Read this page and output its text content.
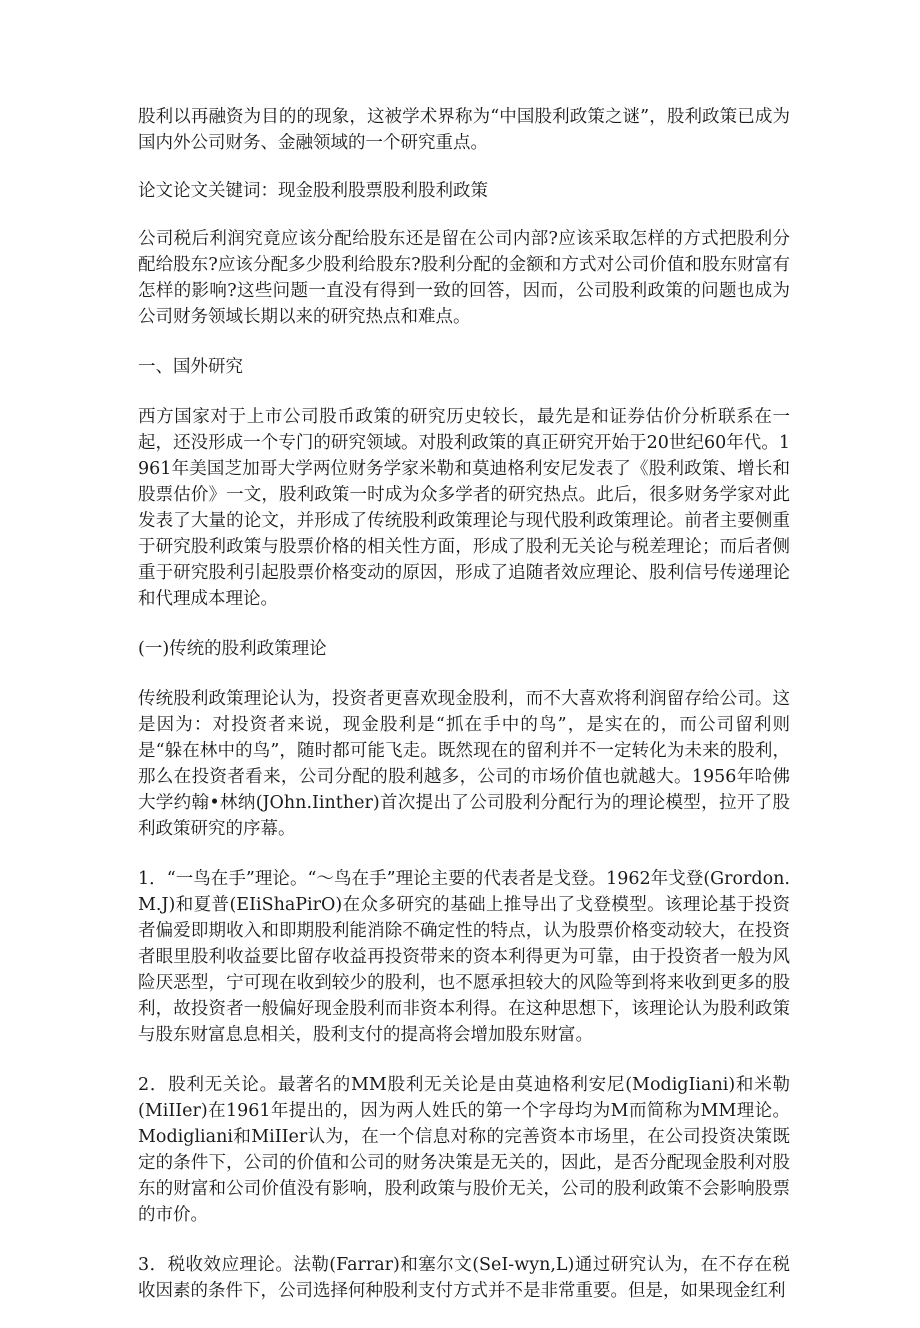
股利以再融资为目的的现象，这被学术界称为“中国股利政策之谜”，股利政策已成为国内外公司财务、金融领域的一个研究重点。

论文论文关键词：现金股利股票股利股利政策

公司税后利润究竟应该分配给股东还是留在公司内部?应该采取怎样的方式把股利分配给股东?应该分配多少股利给股东?股利分配的金额和方式对公司价值和股东财富有怎样的影响?这些问题一直没有得到一致的回答，因而，公司股利政策的问题也成为公司财务领域长期以来的研究热点和难点。

一、国外研究

西方国家对于上市公司股币政策的研究历史较长，最先是和证券估价分析联系在一起，还没形成一个专门的研究领域。对股利政策的真正研究开始于20世纪60年代。1961年美国芝加哥大学两位财务学家米勒和莫迪格利安尼发表了《股利政策、增长和股票估价》一文，股利政策一时成为众多学者的研究热点。此后，很多财务学家对此发表了大量的论文，并形成了传统股利政策理论与现代股利政策理论。前者主要侧重于研究股利政策与股票价格的相关性方面，形成了股利无关论与税差理论；而后者侧重于研究股利引起股票价格变动的原因，形成了追随者效应理论、股利信号传递理论和代理成本理论。

(一)传统的股利政策理论

传统股利政策理论认为，投资者更喜欢现金股利，而不大喜欢将利润留存给公司。这是因为：对投资者来说，现金股利是“抓在手中的鸟”，是实在的，而公司留利则是“躲在林中的鸟”，随时都可能飞走。既然现在的留利并不一定转化为未来的股利，那么在投资者看来，公司分配的股利越多，公司的市场价值也就越大。1956年哈佛大学约翰•林纳(JOhn.Iinther)首次提出了公司股利分配行为的理论模型，拉开了股利政策研究的序幕。

1．“一鸟在手”理论。“～鸟在手”理论主要的代表者是戈登。1962年戈登(Grordon.M.J)和夏普(EIiShaPirO)在众多研究的基础上推导出了戈登模型。该理论基于投资者偏爱即期收入和即期股利能消除不确定性的特点，认为股票价格变动较大，在投资者眼里股利收益要比留存收益再投资带来的资本利得更为可靠，由于投资者一般为风险厌恶型，宁可现在收到较少的股利，也不愿承担较大的风险等到将来收到更多的股利，故投资者一般偏好现金股利而非资本利得。在这种思想下，该理论认为股利政策与股东财富息息相关，股利支付的提高将会增加股东财富。

2．股利无关论。最著名的MM股利无关论是由莫迪格利安尼(ModigIiani)和米勒(MiIIer)在1961年提出的，因为两人姓氏的第一个字母均为M而简称为MM理论。Modigliani和MiIIer认为，在一个信息对称的完善资本市场里，在公司投资决策既定的条件下，公司的价值和公司的财务决策是无关的，因此，是否分配现金股利对股东的财富和公司价值没有影响，股利政策与股价无关，公司的股利政策不会影响股票的市价。

3．税收效应理论。法勒(Farrar)和塞尔文(SeI-wyn,L)通过研究认为，在不存在税收因素的条件下，公司选择何种股利支付方式并不是非常重要。但是，如果现金红利
